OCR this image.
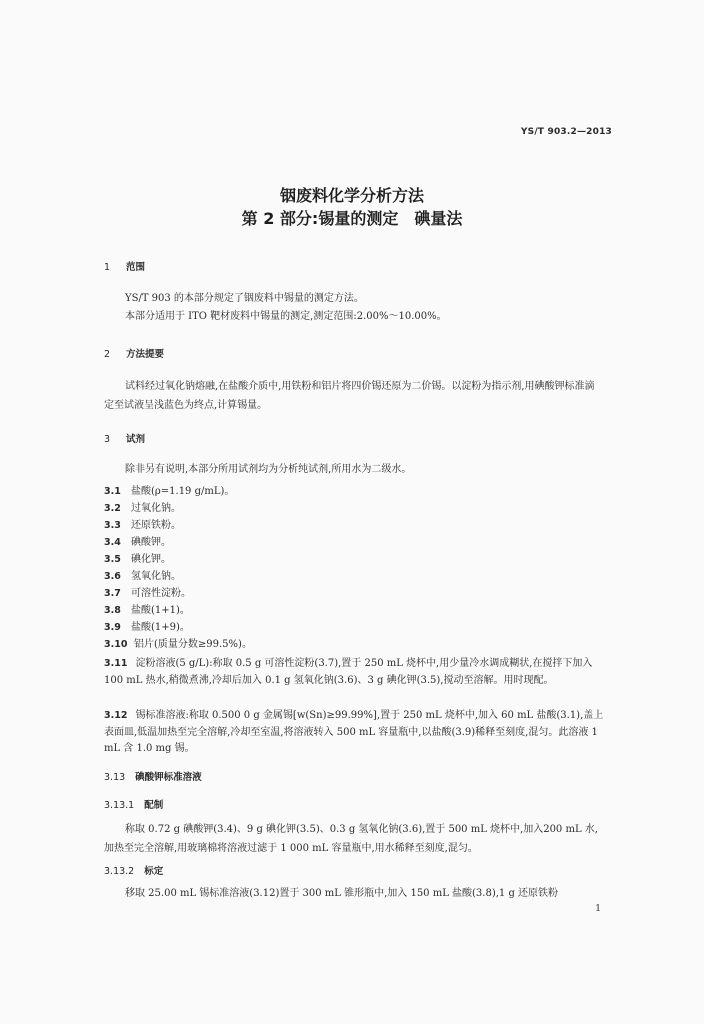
YS/T 903.2—2013
铟废料化学分析方法
第 2 部分:锡量的测定　碘量法
1 范围
YS/T 903 的本部分规定了铟废料中锡量的测定方法。
本部分适用于 ITO 靶材废料中锡量的测定,测定范围:2.00%～10.00%。
2 方法提要
试料经过氧化钠熔融,在盐酸介质中,用铁粉和铝片将四价锡还原为二价锡。以淀粉为指示剂,用碘酸钾标准滴定至试液呈浅蓝色为终点,计算锡量。
3 试剂
除非另有说明,本部分所用试剂均为分析纯试剂,所用水为二级水。
3.1 盐酸(ρ=1.19 g/mL)。
3.2 过氧化钠。
3.3 还原铁粉。
3.4 碘酸钾。
3.5 碘化钾。
3.6 氢氧化钠。
3.7 可溶性淀粉。
3.8 盐酸(1+1)。
3.9 盐酸(1+9)。
3.10 铝片(质量分数≥99.5%)。
3.11 淀粉溶液(5 g/L):称取 0.5 g 可溶性淀粉(3.7),置于 250 mL 烧杯中,用少量冷水调成糊状,在搅拌下加入 100 mL 热水,稍微煮沸,冷却后加入 0.1 g 氢氧化钠(3.6)、3 g 碘化钾(3.5),搅动至溶解。用时现配。
3.12 锡标准溶液:称取 0.500 0 g 金属锡[w(Sn)≥99.99%],置于 250 mL 烧杯中,加入 60 mL 盐酸(3.1),盖上表面皿,低温加热至完全溶解,冷却至室温,将溶液转入 500 mL 容量瓶中,以盐酸(3.9)稀释至刻度,混匀。此溶液 1 mL 含 1.0 mg 锡。
3.13 碘酸钾标准溶液
3.13.1 配制
称取 0.72 g 碘酸钾(3.4)、9 g 碘化钾(3.5)、0.3 g 氢氧化钠(3.6),置于 500 mL 烧杯中,加入200 mL 水,加热至完全溶解,用玻璃棉将溶液过滤于 1 000 mL 容量瓶中,用水稀释至刻度,混匀。
3.13.2 标定
移取 25.00 mL 锡标准溶液(3.12)置于 300 mL 锥形瓶中,加入 150 mL 盐酸(3.8),1 g 还原铁粉
1
